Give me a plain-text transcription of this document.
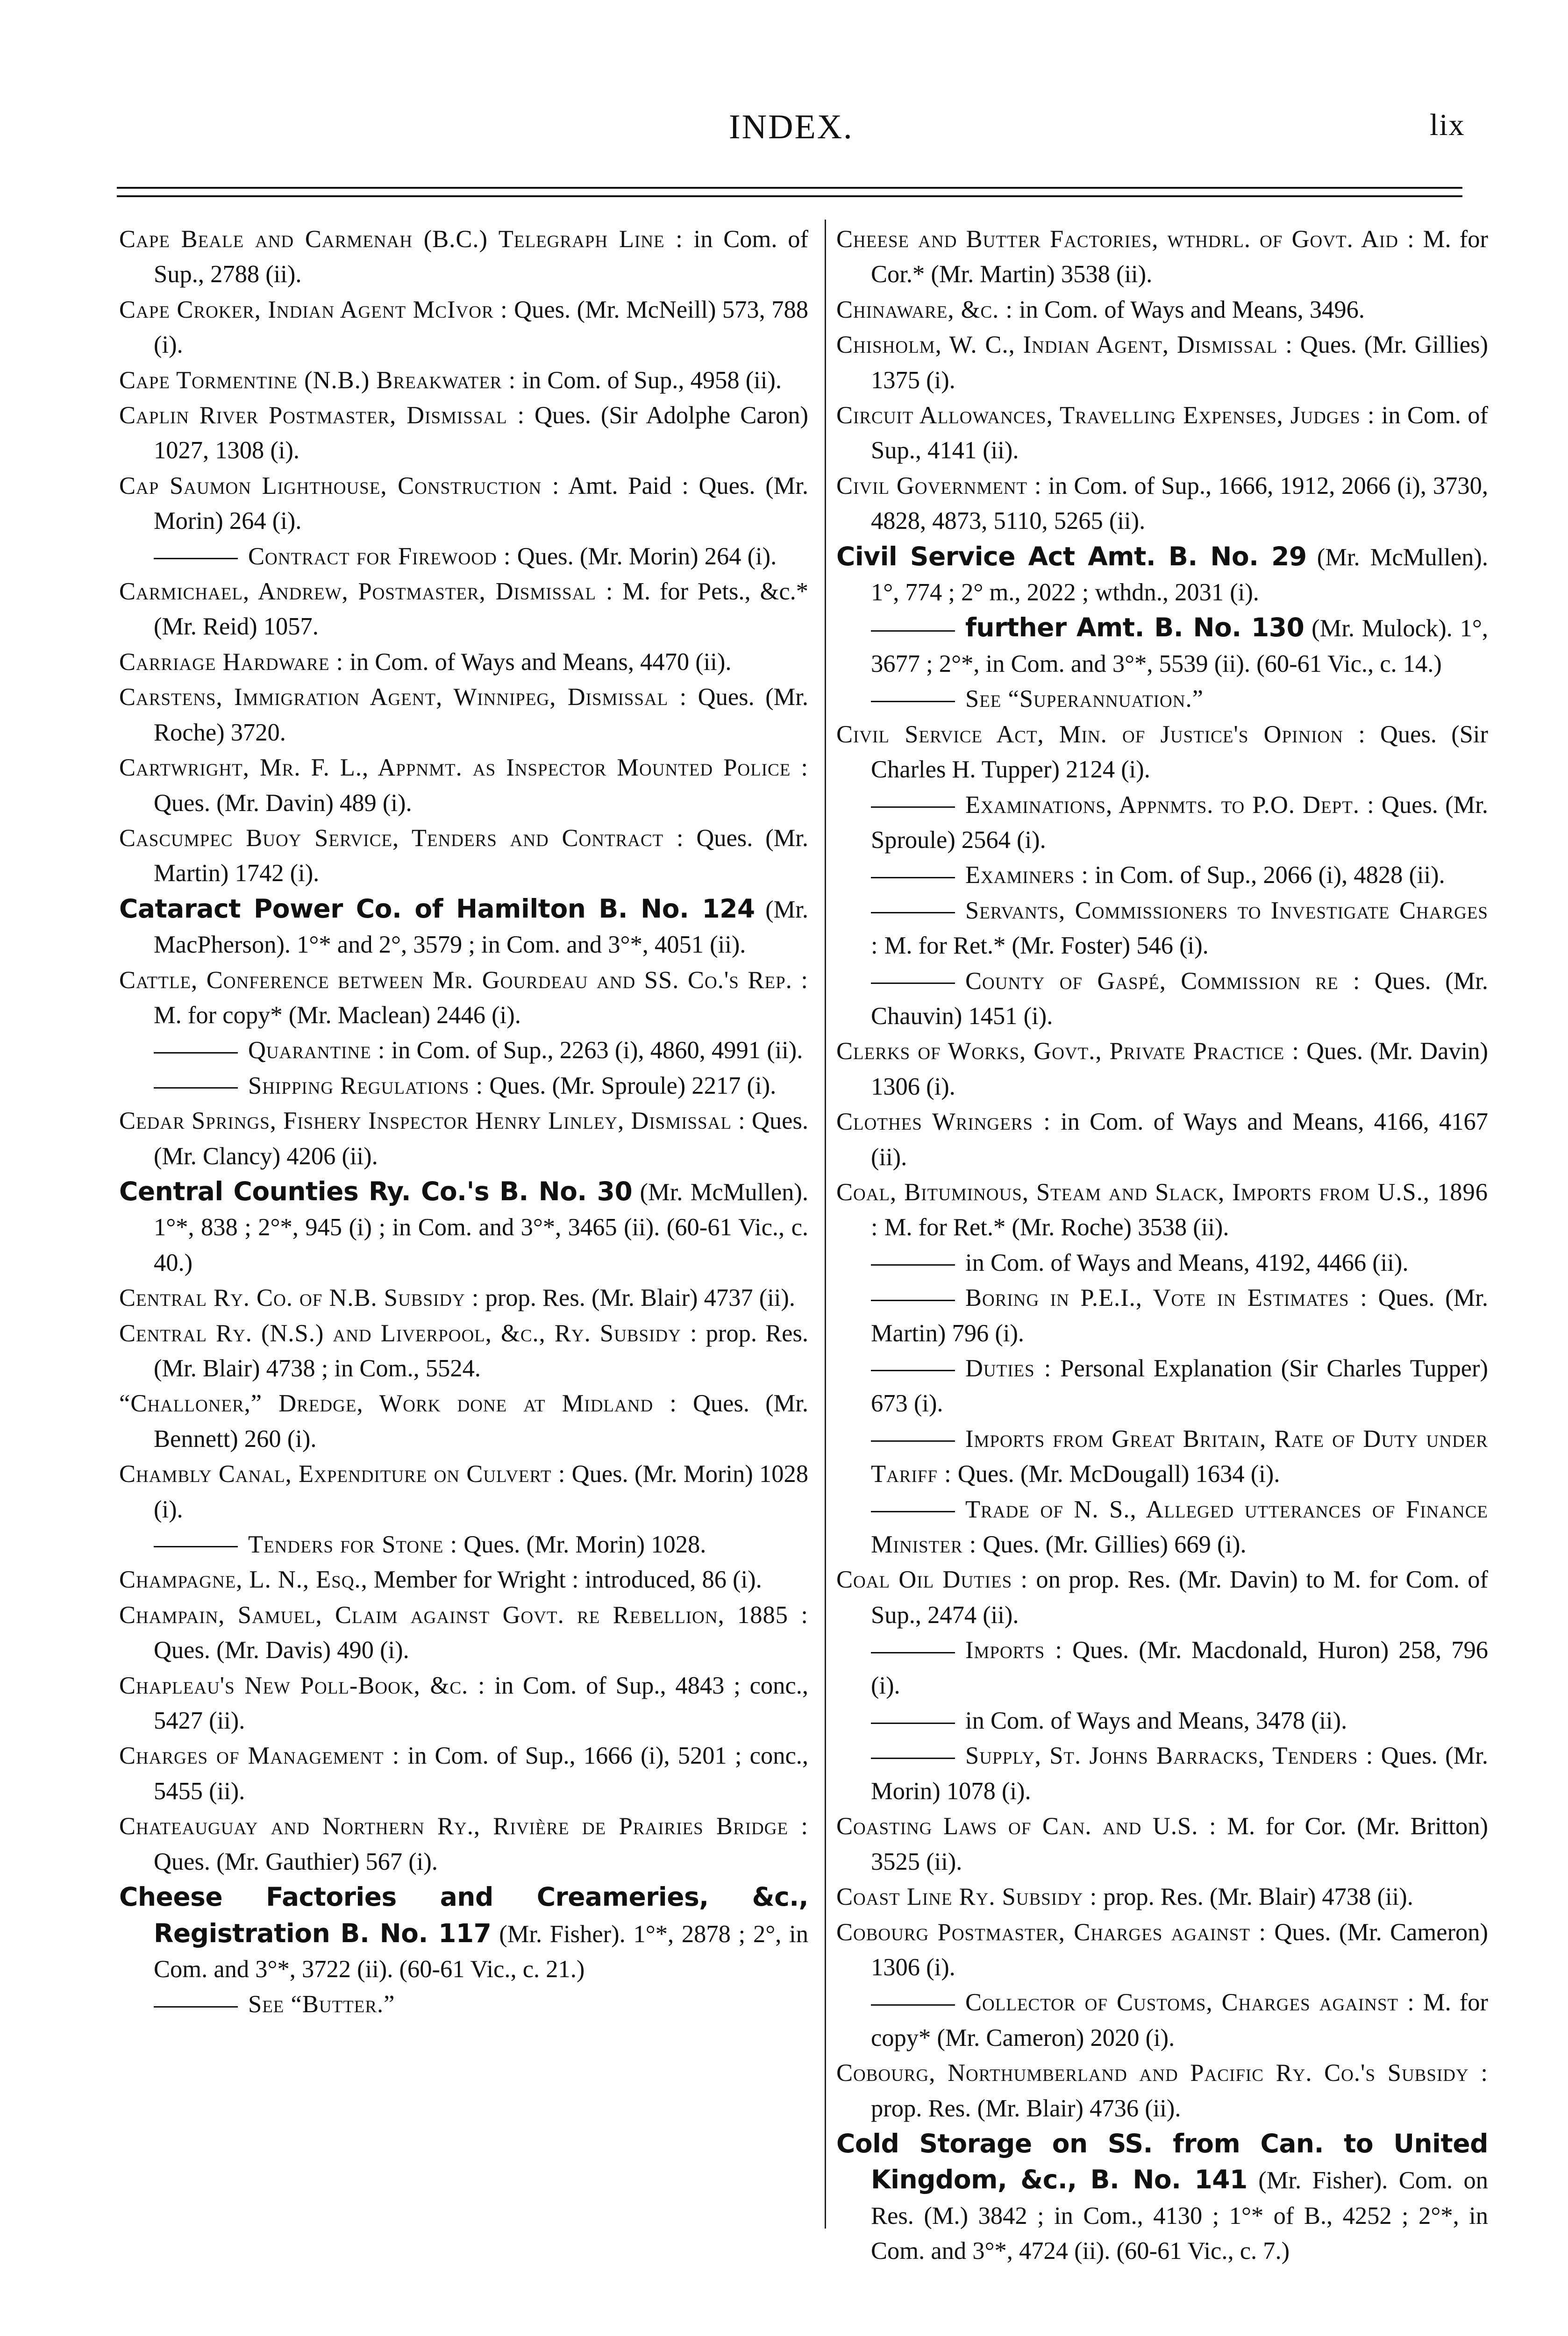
INDEX.	lix

Cape Beale and Carmenah (B.C.) Telegraph Line : in Com. of Sup., 2788 (ii).

Cape Croker, Indian Agent McIvor : Ques. (Mr. McNeill) 573, 788 (i).

Cape Tormentine (N.B.) Breakwater : in Com. of Sup., 4958 (ii).

Caplin River Postmaster, Dismissal : Ques. (Sir Adolphe Caron) 1027, 1308 (i).

Cap Saumon Lighthouse, Construction : Amt. Paid : Ques. (Mr. Morin) 264 (i).

Contract for Firewood : Ques. (Mr. Morin) 264 (i).

Carmichael, Andrew, Postmaster, Dismissal : M. for Pets., &c.* (Mr. Reid) 1057.

Carriage Hardware : in Com. of Ways and Means, 4470 (ii).

Carstens, Immigration Agent, Winnipeg, Dismissal : Ques. (Mr. Roche) 3720.

Cartwright, Mr. F. L., Appnmt. as Inspector Mounted Police : Ques. (Mr. Davin) 489 (i).

Cascumpec Buoy Service, Tenders and Contract : Ques. (Mr. Martin) 1742 (i).

Cataract Power Co. of Hamilton B. No. 124 (Mr. MacPherson). 1°* and 2°, 3579 ; in Com. and 3°*, 4051 (ii).

Cattle, Conference between Mr. Gourdeau and SS. Co.'s Rep. : M. for copy* (Mr. Maclean) 2446 (i).

Quarantine : in Com. of Sup., 2263 (i), 4860, 4991 (ii).

Shipping Regulations : Ques. (Mr. Sproule) 2217 (i).

Cedar Springs, Fishery Inspector Henry Linley, Dismissal : Ques. (Mr. Clancy) 4206 (ii).

Central Counties Ry. Co.'s B. No. 30 (Mr. McMullen). 1°*, 838 ; 2°*, 945 (i) ; in Com. and 3°*, 3465 (ii). (60-61 Vic., c. 40.)

Central Ry. Co. of N.B. Subsidy : prop. Res. (Mr. Blair) 4737 (ii).

Central Ry. (N.S.) and Liverpool, &c., Ry. Subsidy : prop. Res. (Mr. Blair) 4738 ; in Com., 5524.

“Challoner,” Dredge, Work done at Midland : Ques. (Mr. Bennett) 260 (i).

Chambly Canal, Expenditure on Culvert : Ques. (Mr. Morin) 1028 (i).

Tenders for Stone : Ques. (Mr. Morin) 1028.

Champagne, L. N., Esq., Member for Wright : introduced, 86 (i).

Champain, Samuel, Claim against Govt. re Rebellion, 1885 : Ques. (Mr. Davis) 490 (i).

Chapleau's New Poll-Book, &c. : in Com. of Sup., 4843 ; conc., 5427 (ii).

Charges of Management : in Com. of Sup., 1666 (i), 5201 ; conc., 5455 (ii).

Chateauguay and Northern Ry., Rivière de Prairies Bridge : Ques. (Mr. Gauthier) 567 (i).

Cheese Factories and Creameries, &c., Registration B. No. 117 (Mr. Fisher). 1°*, 2878 ; 2°, in Com. and 3°*, 3722 (ii). (60-61 Vic., c. 21.)

See “Butter.”

Cheese and Butter Factories, wthdrl. of Govt. Aid : M. for Cor.* (Mr. Martin) 3538 (ii).

Chinaware, &c. : in Com. of Ways and Means, 3496.

Chisholm, W. C., Indian Agent, Dismissal : Ques. (Mr. Gillies) 1375 (i).

Circuit Allowances, Travelling Expenses, Judges : in Com. of Sup., 4141 (ii).

Civil Government : in Com. of Sup., 1666, 1912, 2066 (i), 3730, 4828, 4873, 5110, 5265 (ii).

Civil Service Act Amt. B. No. 29 (Mr. McMullen). 1°, 774 ; 2° m., 2022 ; wthdn., 2031 (i).

further Amt. B. No. 130 (Mr. Mulock). 1°, 3677 ; 2°*, in Com. and 3°*, 5539 (ii). (60-61 Vic., c. 14.)

See “Superannuation.”

Civil Service Act, Min. of Justice's Opinion : Ques. (Sir Charles H. Tupper) 2124 (i).

Examinations, Appnmts. to P.O. Dept. : Ques. (Mr. Sproule) 2564 (i).

Examiners : in Com. of Sup., 2066 (i), 4828 (ii).

Servants, Commissioners to Investigate Charges : M. for Ret.* (Mr. Foster) 546 (i).

County of Gaspé, Commission re : Ques. (Mr. Chauvin) 1451 (i).

Clerks of Works, Govt., Private Practice : Ques. (Mr. Davin) 1306 (i).

Clothes Wringers : in Com. of Ways and Means, 4166, 4167 (ii).

Coal, Bituminous, Steam and Slack, Imports from U.S., 1896 : M. for Ret.* (Mr. Roche) 3538 (ii).

in Com. of Ways and Means, 4192, 4466 (ii).

Boring in P.E.I., Vote in Estimates : Ques. (Mr. Martin) 796 (i).

Duties : Personal Explanation (Sir Charles Tupper) 673 (i).

Imports from Great Britain, Rate of Duty under Tariff : Ques. (Mr. McDougall) 1634 (i).

Trade of N. S., Alleged utterances of Finance Minister : Ques. (Mr. Gillies) 669 (i).

Coal Oil Duties : on prop. Res. (Mr. Davin) to M. for Com. of Sup., 2474 (ii).

Imports : Ques. (Mr. Macdonald, Huron) 258, 796 (i).

in Com. of Ways and Means, 3478 (ii).

Supply, St. Johns Barracks, Tenders : Ques. (Mr. Morin) 1078 (i).

Coasting Laws of Can. and U.S. : M. for Cor. (Mr. Britton) 3525 (ii).

Coast Line Ry. Subsidy : prop. Res. (Mr. Blair) 4738 (ii).

Cobourg Postmaster, Charges against : Ques. (Mr. Cameron) 1306 (i).

Collector of Customs, Charges against : M. for copy* (Mr. Cameron) 2020 (i).

Cobourg, Northumberland and Pacific Ry. Co.'s Subsidy : prop. Res. (Mr. Blair) 4736 (ii).

Cold Storage on SS. from Can. to United Kingdom, &c., B. No. 141 (Mr. Fisher). Com. on Res. (M.) 3842 ; in Com., 4130 ; 1°* of B., 4252 ; 2°*, in Com. and 3°*, 4724 (ii). (60-61 Vic., c. 7.)
